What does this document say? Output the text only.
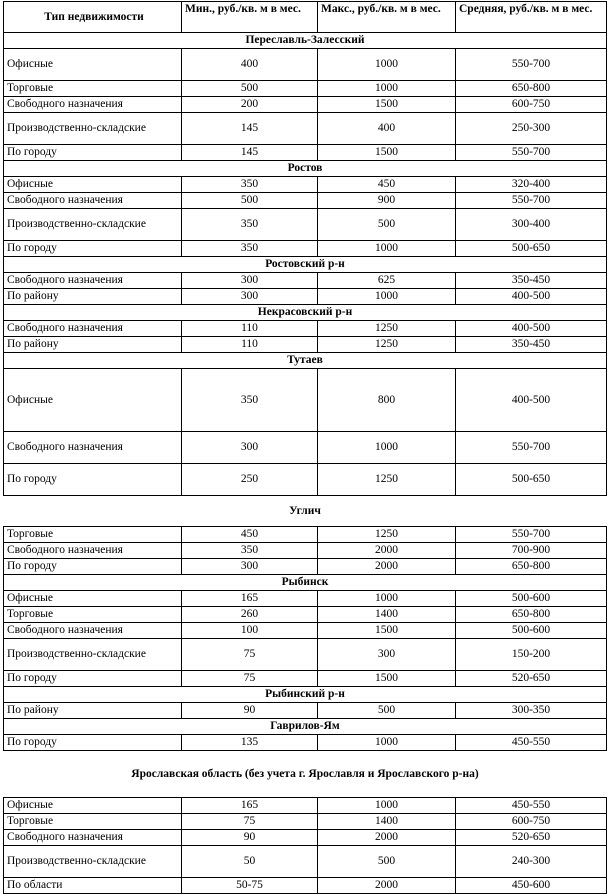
Тип недвижимости	Мин., руб./кв. м в мес.	Макс., руб./кв. м в мес.	Средняя, руб./кв. м в мес.
Переславль-Залесский			
Офисные	400	1000	550-700
Торговые	500	1000	650-800
Свободного назначения	200	1500	600-750
Производственно-складские	145	400	250-300
По городу	145	1500	550-700
Ростов			
Офисные	350	450	320-400
Свободного назначения	500	900	550-700
Производственно-складские	350	500	300-400
По городу	350	1000	500-650
Ростовский р-н			
Свободного назначения	300	625	350-450
По району	300	1000	400-500
Некрасовский р-н			
Свободного назначения	110	1250	400-500
По району	110	1250	350-450
Тутаев			
Офисные	350	800	400-500
Свободного назначения	300	1000	550-700
По городу	250	1250	500-650
Углич			
Торговые	450	1250	550-700
Свободного назначения	350	2000	700-900
По городу	300	2000	650-800
Рыбинск			
Офисные	165	1000	500-600
Торговые	260	1400	650-800
Свободного назначения	100	1500	500-600
Производственно-складские	75	300	150-200
По городу	75	1500	520-650
Рыбинский р-н			
По району	90	500	300-350
Гаврилов-Ям			
По городу	135	1000	450-550
Ярославская область (без учета г. Ярославля и Ярославского р-на)			
Офисные	165	1000	450-550
Торговые	75	1400	600-750
Свободного назначения	90	2000	520-650
Производственно-складские	50	500	240-300
По области	50-75	2000	450-600
